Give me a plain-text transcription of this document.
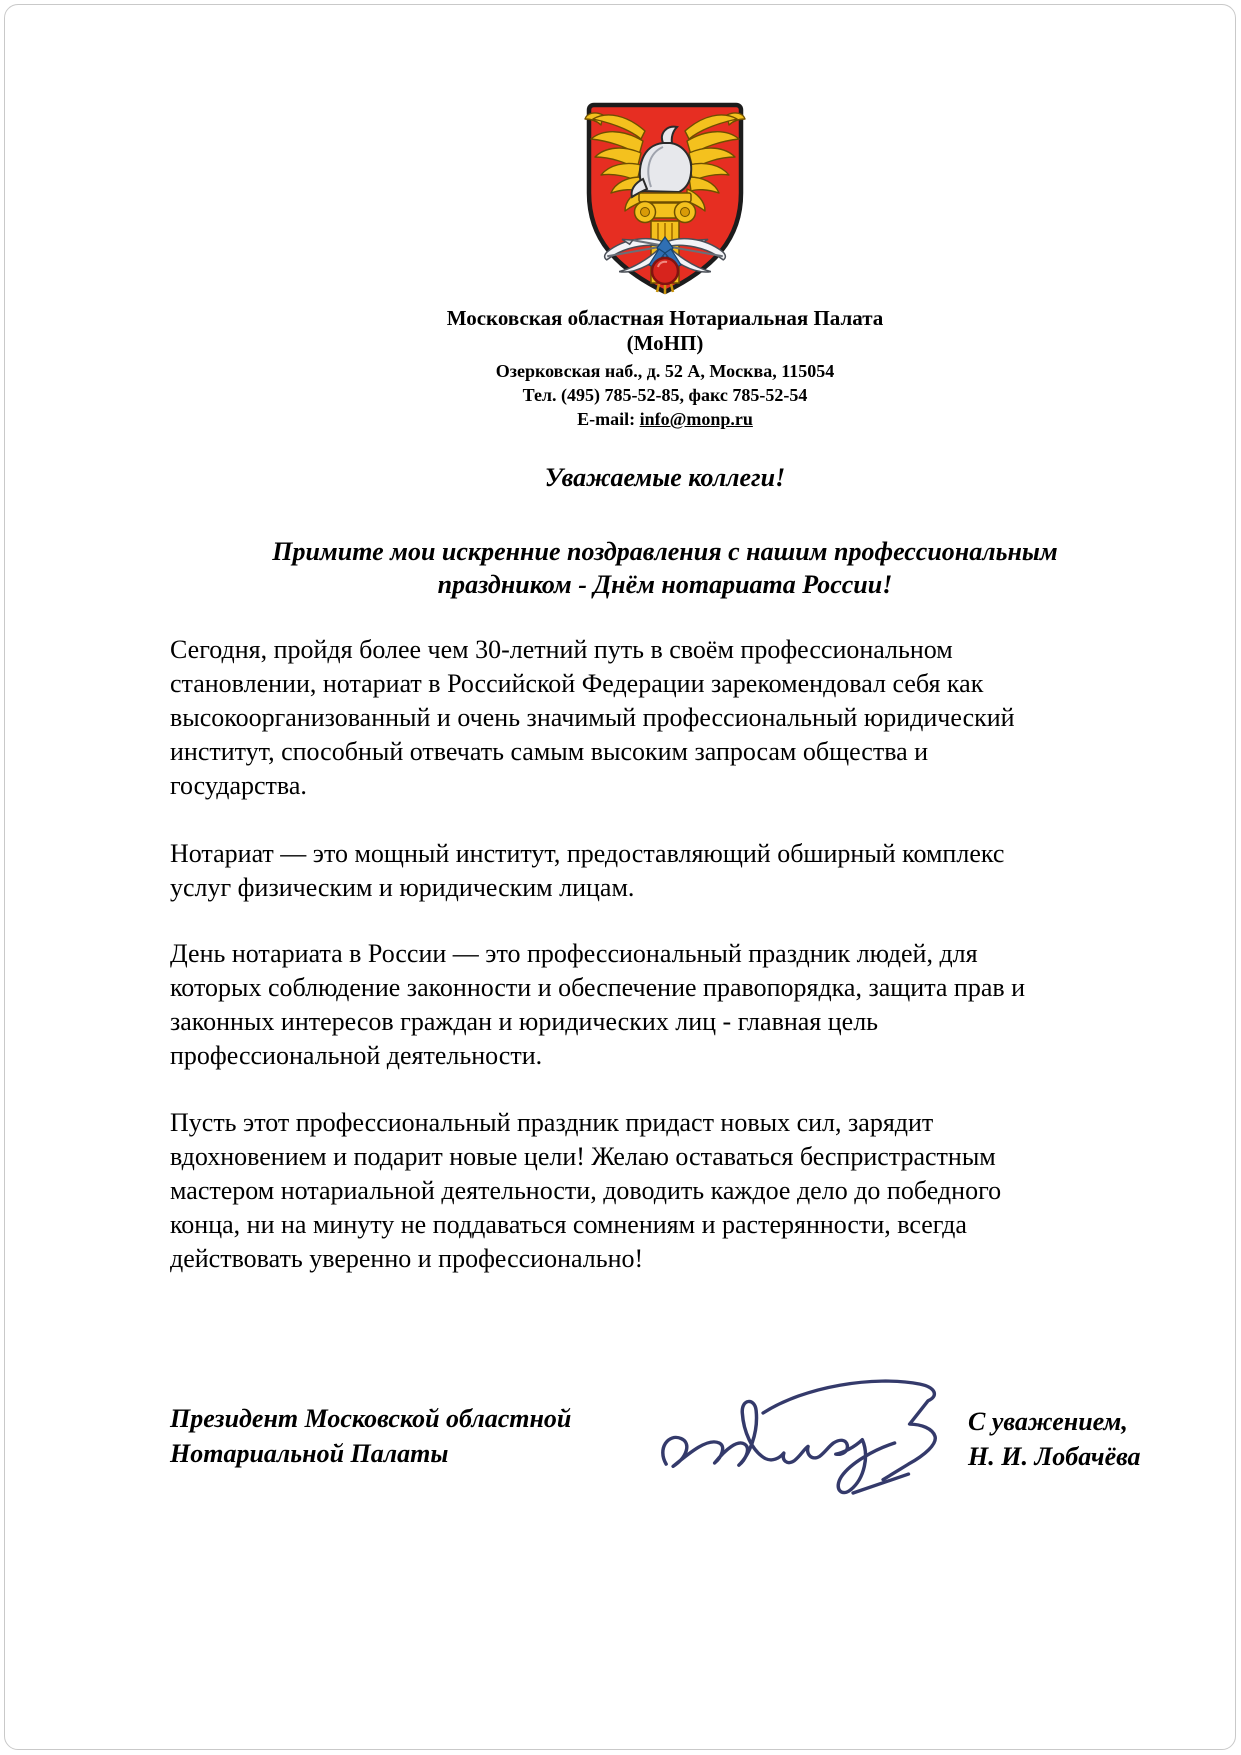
Московская областная Нотариальная Палата
(МоНП)
Озерковская наб., д. 52 А, Москва, 115054
Тел. (495) 785-52-85, факс 785-52-54
E-mail: info@monp.ru
Уважаемые коллеги!
Примите мои искренние поздравления с нашим профессиональным
праздником - Днём нотариата России!
Сегодня, пройдя более чем 30-летний путь в своём профессиональном
становлении, нотариат в Российской Федерации зарекомендовал себя как
высокоорганизованный и очень значимый профессиональный юридический
институт, способный отвечать самым высоким запросам общества и
государства.
Нотариат — это мощный институт, предоставляющий обширный комплекс
услуг физическим и юридическим лицам.
День нотариата в России — это профессиональный праздник людей, для
которых соблюдение законности и обеспечение правопорядка, защита прав и
законных интересов граждан и юридических лиц - главная цель
профессиональной деятельности.
Пусть этот профессиональный праздник придаст новых сил, зарядит
вдохновением и подарит новые цели! Желаю оставаться беспристрастным
мастером нотариальной деятельности, доводить каждое дело до победного
конца, ни на минуту не поддаваться сомнениям и растерянности, всегда
действовать уверенно и профессионально!
Президент Московской областной
Нотариальной Палаты
С уважением,
Н. И. Лобачёва
